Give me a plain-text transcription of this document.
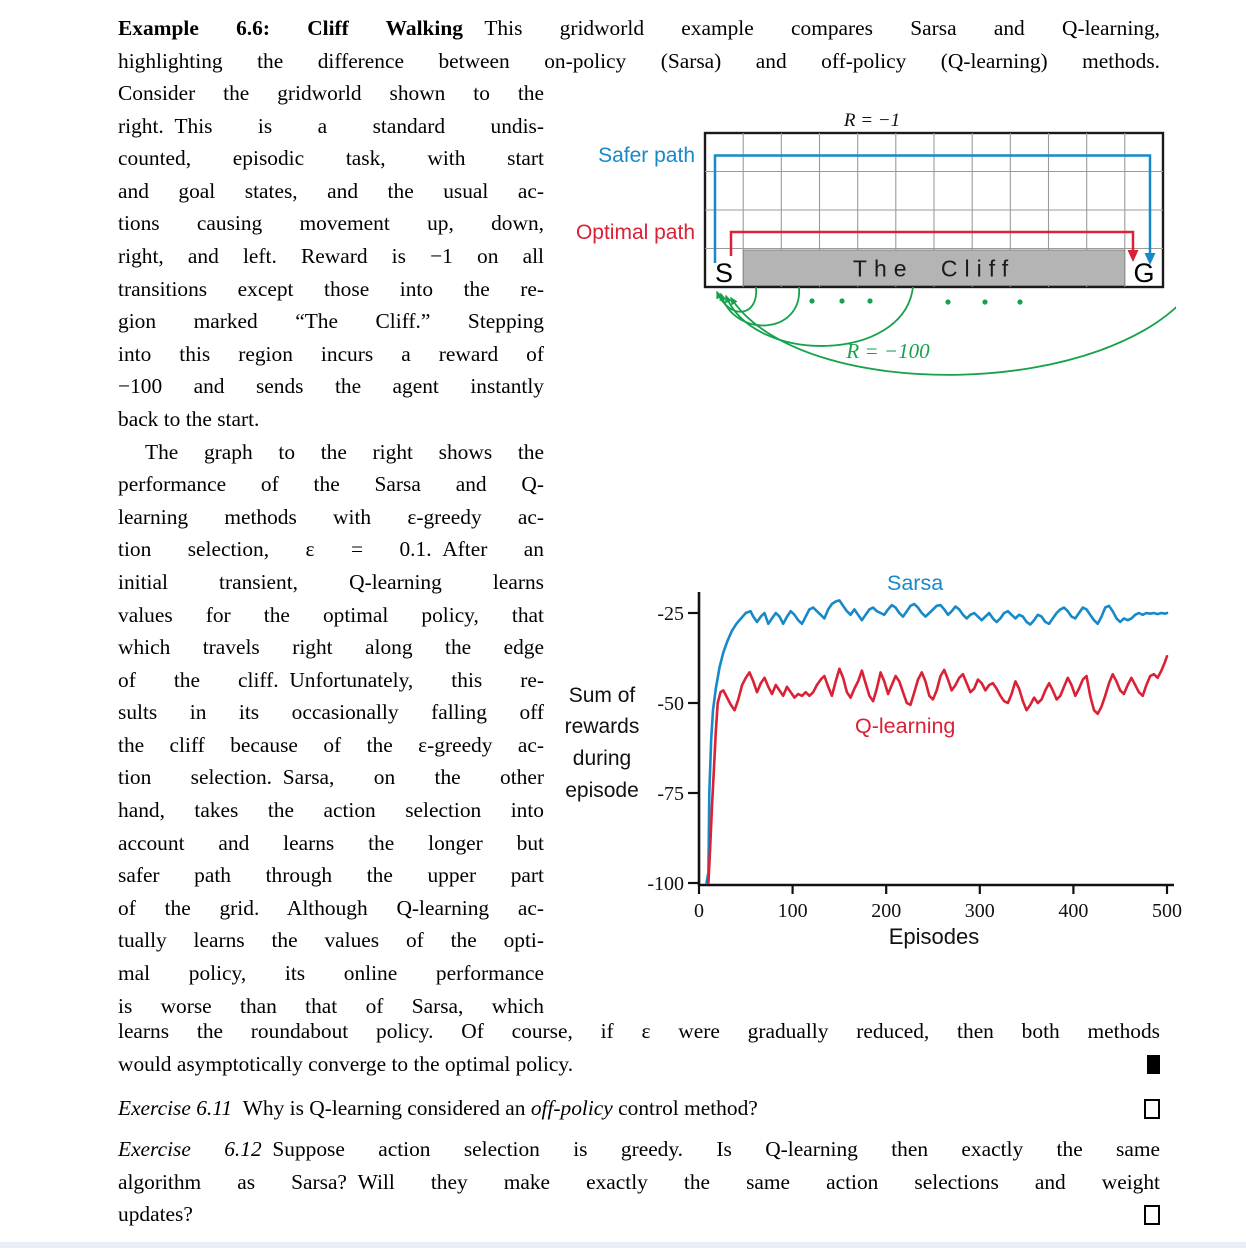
Example 6.6: Cliff Walking This gridworld example compares Sarsa and Q-learning,
highlighting the difference between on-policy (Sarsa) and off-policy (Q-learning) methods.
Consider the gridworld shown to the
right. This is a standard undis-
counted, episodic task, with start
and goal states, and the usual ac-
tions causing movement up, down,
right, and left. Reward is −1 on all
transitions except those into the re-
gion marked “The Cliff.” Stepping
into this region incurs a reward of
−100 and sends the agent instantly
back to the start.
The graph to the right shows the
performance of the Sarsa and Q-
learning methods with ε-greedy ac-
tion selection, ε = 0.1. After an
initial transient, Q-learning learns
values for the optimal policy, that
which travels right along the edge
of the cliff. Unfortunately, this re-
sults in its occasionally falling off
the cliff because of the ε-greedy ac-
tion selection. Sarsa, on the other
hand, takes the action selection into
account and learns the longer but
safer path through the upper part
of the grid. Although Q-learning ac-
tually learns the values of the opti-
mal policy, its online performance
is worse than that of Sarsa, which
R = −1
The Cliff
S	G
Safer path
Optimal path
R = −100
-25
-50
-75
-100
0	100	200	300	400	500
Sarsa
Q-learning
Sum of
rewards
during
episode
Episodes
learns the roundabout policy. Of course, if ε were gradually reduced, then both methods
would asymptotically converge to the optimal policy.
Exercise 6.11 Why is Q-learning considered an off-policy control method?
Exercise 6.12 Suppose action selection is greedy. Is Q-learning then exactly the same
algorithm as Sarsa? Will they make exactly the same action selections and weight
updates?
